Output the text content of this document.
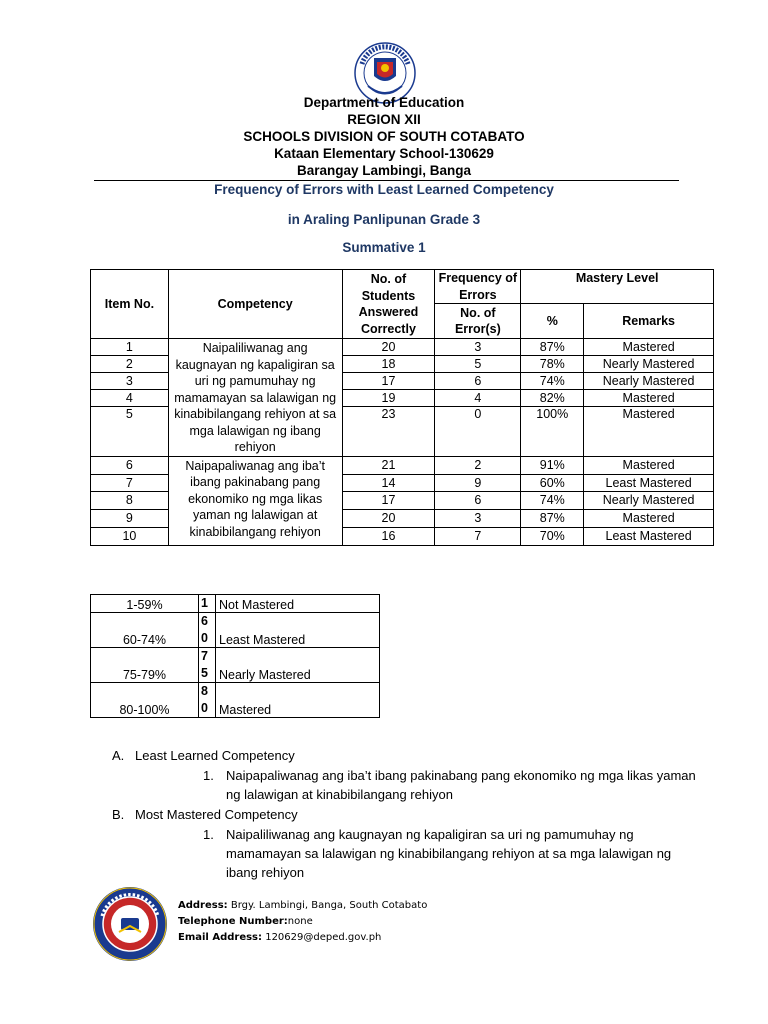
Department of Education
REGION XII
SCHOOLS DIVISION OF SOUTH COTABATO
Kataan Elementary School-130629
Barangay Lambingi, Banga
Frequency of Errors with Least Learned Competency
in Araling Panlipunan Grade 3
Summative 1
Item No.	Competency	No. of Students Answered Correctly	Frequency of Errors	Mastery Level	
			No. of Error(s)	%	Remarks
1	Naipaliliwanag ang kaugnayan ng kapaligiran sa uri ng pamumuhay ng mamamayan sa lalawigan ng kinabibilangang rehiyon at sa mga lalawigan ng ibang rehiyon	20	3	87%	Mastered
2		18	5	78%	Nearly Mastered
3		17	6	74%	Nearly Mastered
4		19	4	82%	Mastered
5		23	0	100%	Mastered
6	Naipapaliwanag ang iba’t ibang pakinabang pang ekonomiko ng mga likas yaman ng lalawigan at kinabibilangang rehiyon	21	2	91%	Mastered
7		14	9	60%	Least Mastered
8		17	6	74%	Nearly Mastered
9		20	3	87%	Mastered
10		16	7	70%	Least Mastered
1-59%	1	Not Mastered
60-74%	60	Least Mastered
75-79%	75	Nearly Mastered
80-100%	80	Mastered
A. Least Learned Competency
1. Naipapaliwanag ang iba’t ibang pakinabang pang ekonomiko ng mga likas yaman ng lalawigan at kinabibilangang rehiyon
B. Most Mastered Competency
1. Naipaliliwanag ang kaugnayan ng kapaligiran sa uri ng pamumuhay ng mamamayan sa lalawigan ng kinabibilangang rehiyon at sa mga lalawigan ng ibang rehiyon
Address: Brgy. Lambingi, Banga, South Cotabato
Telephone Number:none
Email Address: 120629@deped.gov.ph
